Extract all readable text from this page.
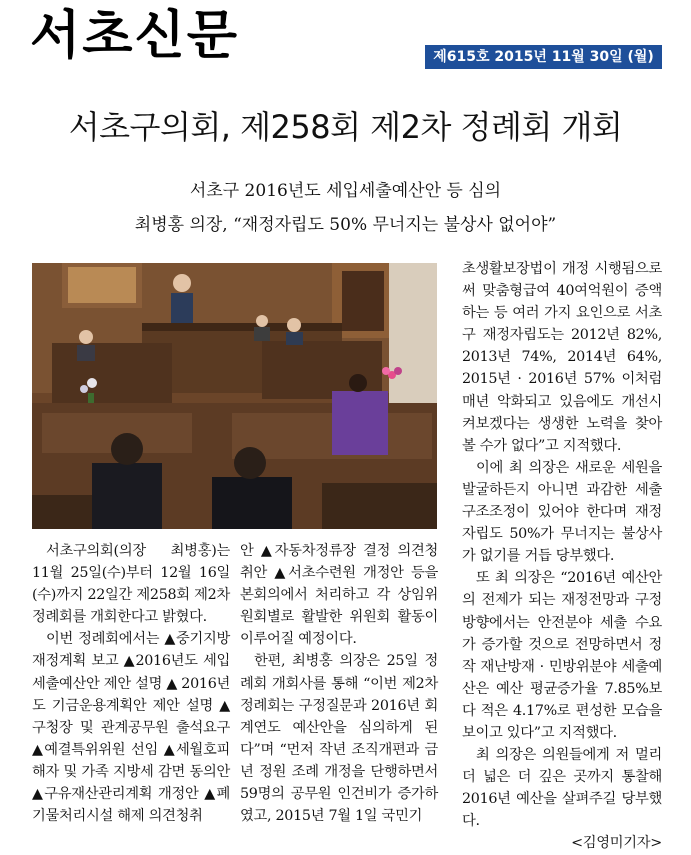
서초신문	제615호 2015년 11월 30일 (월)
서초구의회, 제258회 제2차 정례회 개회
서초구 2016년도 세입세출예산안 등 심의
최병홍 의장, “재정자립도 50% 무너지는 불상사 없어야”

서초구의회(의장 최병홍)는 11월 25일(수)부터 12월 16일(수)까지 22일간 제258회 제2차 정례회를 개회한다고 밝혔다.

이번 정례회에서는 ▲중기지방재정계획 보고 ▲2016년도 세입세출예산안 제안 설명 ▲ 2016년도 기금운용계획안 제안 설명 ▲구청장 및 관계공무원 출석요구 ▲예결특위위원 선임 ▲세월호피해자 및 가족 지방세 감면 동의안 ▲구유재산관리계획 개정안 ▲폐기물처리시설 해제 의견청취

안 ▲자동차정류장 결정 의견청취안 ▲서초수련원 개정안 등을 본회의에서 처리하고 각 상임위원회별로 활발한 위원회 활동이 이루어질 예정이다.

한편, 최병홍 의장은 25일 정례회 개회사를 통해 “이번 제2차 정례회는 구정질문과 2016년 회계연도 예산안을 심의하게 된다”며 “먼저 작년 조직개편과 금년 정원 조례 개정을 단행하면서 59명의 공무원 인건비가 증가하였고, 2015년 7월 1일 국민기

초생활보장법이 개정 시행됨으로써 맞춤형급여 40여억원이 증액하는 등 여러 가지 요인으로 서초구 재정자립도는 2012년 82%, 2013년 74%, 2014년 64%, 2015년 · 2016년 57% 이처럼 매년 악화되고 있음에도 개선시켜보겠다는 생생한 노력을 찾아볼 수가 없다”고 지적했다.

이에 최 의장은 새로운 세원을 발굴하든지 아니면 과감한 세출 구조조정이 있어야 한다며 재정자립도 50%가 무너지는 불상사가 없기를 거듭 당부했다.

또 최 의장은 “2016년 예산안의 전제가 되는 재정전망과 구정방향에서는 안전분야 세출 수요가 증가할 것으로 전망하면서 정작 재난방재 · 민방위분야 세출예산은 예산 평균증가율 7.85%보다 적은 4.17%로 편성한 모습을 보이고 있다”고 지적했다.

최 의장은 의원들에게 저 멀리 더 넓은 더 깊은 곳까지 통찰해 2016년 예산을 살펴주길 당부했다.

<김영미기자>
